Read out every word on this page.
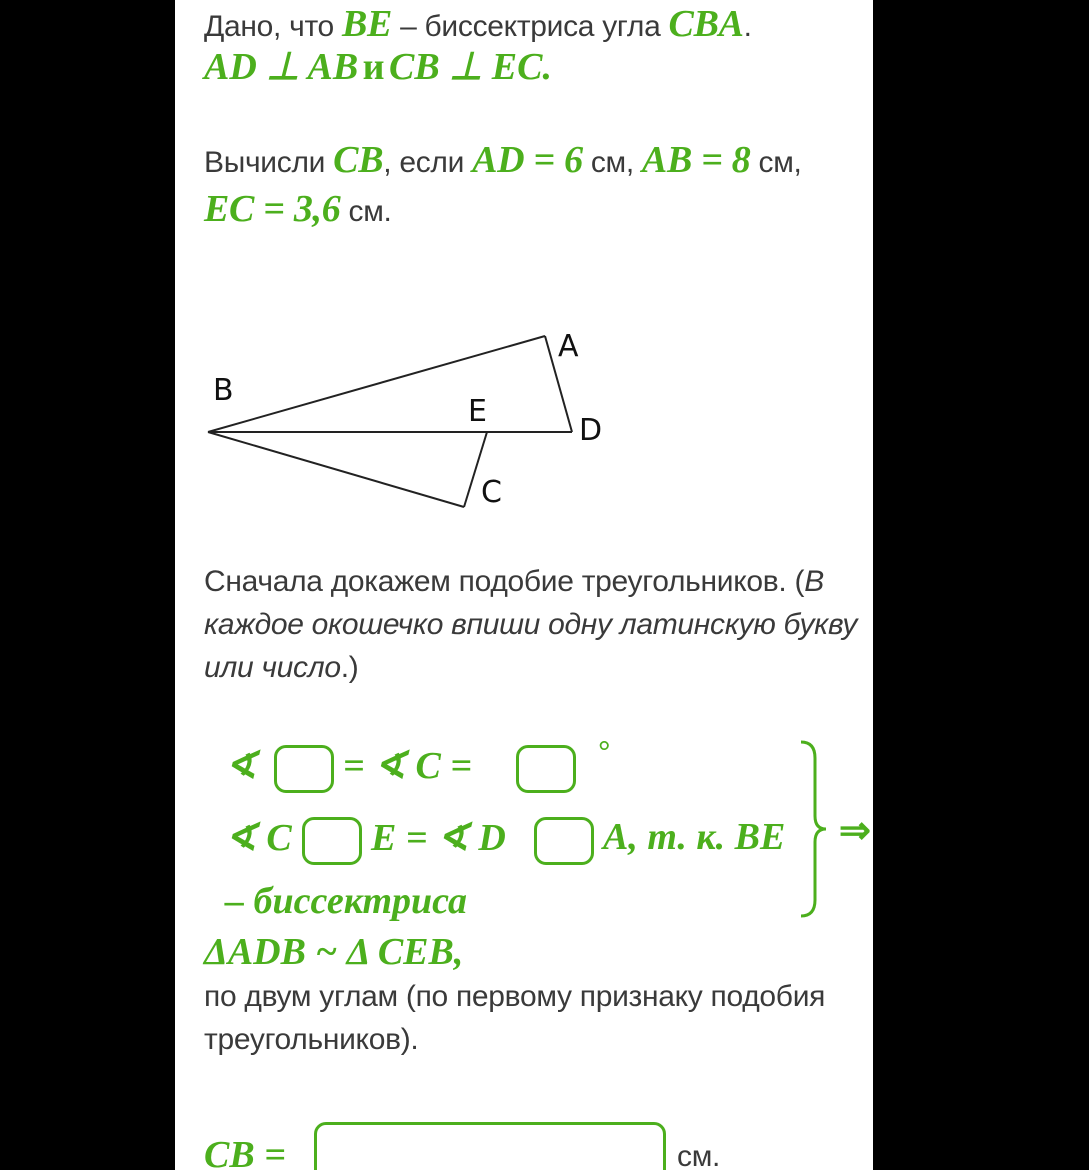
Дано, что BE – биссектриса угла CBA.
AD ⊥ AB и CB ⊥ EC.
Вычисли CB, если AD = 6 см, AB = 8 см,
EC = 3,6 см.
A
B
E
D
C
Сначала докажем подобие треугольников. (В
каждое окошечко впиши одну латинскую букву
или число.)
∢ = ∢ C =	°
∢ C E = ∢ D	A, т. к. BE
– биссектриса
⇒
ΔADB ~ Δ CEB,
по двум углам (по первому признаку подобия
треугольников).
CB =	см.
